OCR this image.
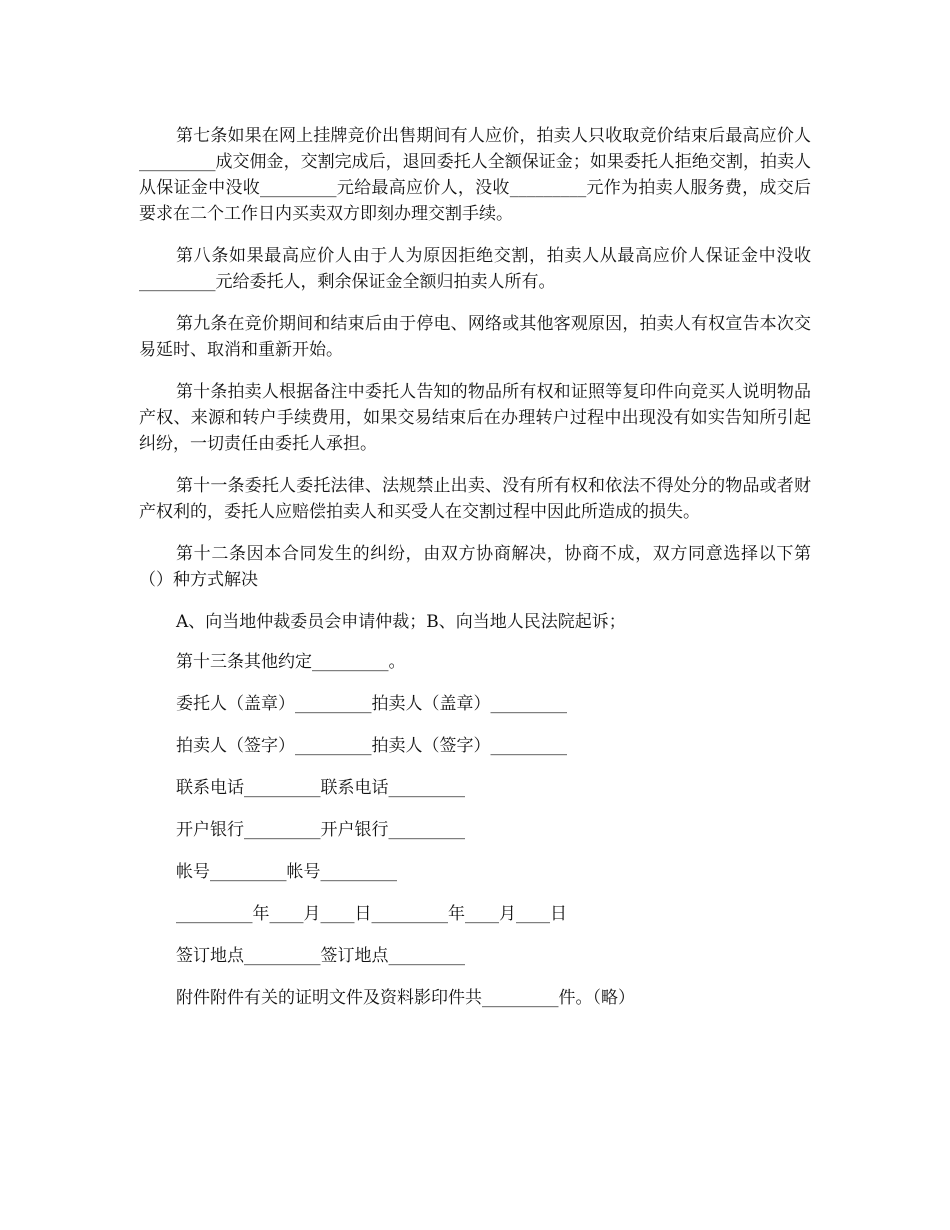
第七条如果在网上挂牌竞价出售期间有人应价，拍卖人只收取竞价结束后最高应价人_________成交佣金，交割完成后，退回委托人全额保证金；如果委托人拒绝交割，拍卖人从保证金中没收_________元给最高应价人，没收_________元作为拍卖人服务费，成交后要求在二个工作日内买卖双方即刻办理交割手续。

第八条如果最高应价人由于人为原因拒绝交割，拍卖人从最高应价人保证金中没收_________元给委托人，剩余保证金全额归拍卖人所有。

第九条在竞价期间和结束后由于停电、网络或其他客观原因，拍卖人有权宣告本次交易延时、取消和重新开始。

第十条拍卖人根据备注中委托人告知的物品所有权和证照等复印件向竞买人说明物品产权、来源和转户手续费用，如果交易结束后在办理转户过程中出现没有如实告知所引起纠纷，一切责任由委托人承担。

第十一条委托人委托法律、法规禁止出卖、没有所有权和依法不得处分的物品或者财产权利的，委托人应赔偿拍卖人和买受人在交割过程中因此所造成的损失。

第十二条因本合同发生的纠纷，由双方协商解决，协商不成，双方同意选择以下第（）种方式解决

A、向当地仲裁委员会申请仲裁；B、向当地人民法院起诉；

第十三条其他约定_________。

委托人（盖章）_________拍卖人（盖章）_________

拍卖人（签字）_________拍卖人（签字）_________

联系电话_________联系电话_________

开户银行_________开户银行_________

帐号_________帐号_________

_________年____月____日_________年____月____日

签订地点_________签订地点_________

附件附件有关的证明文件及资料影印件共_________件。（略）
